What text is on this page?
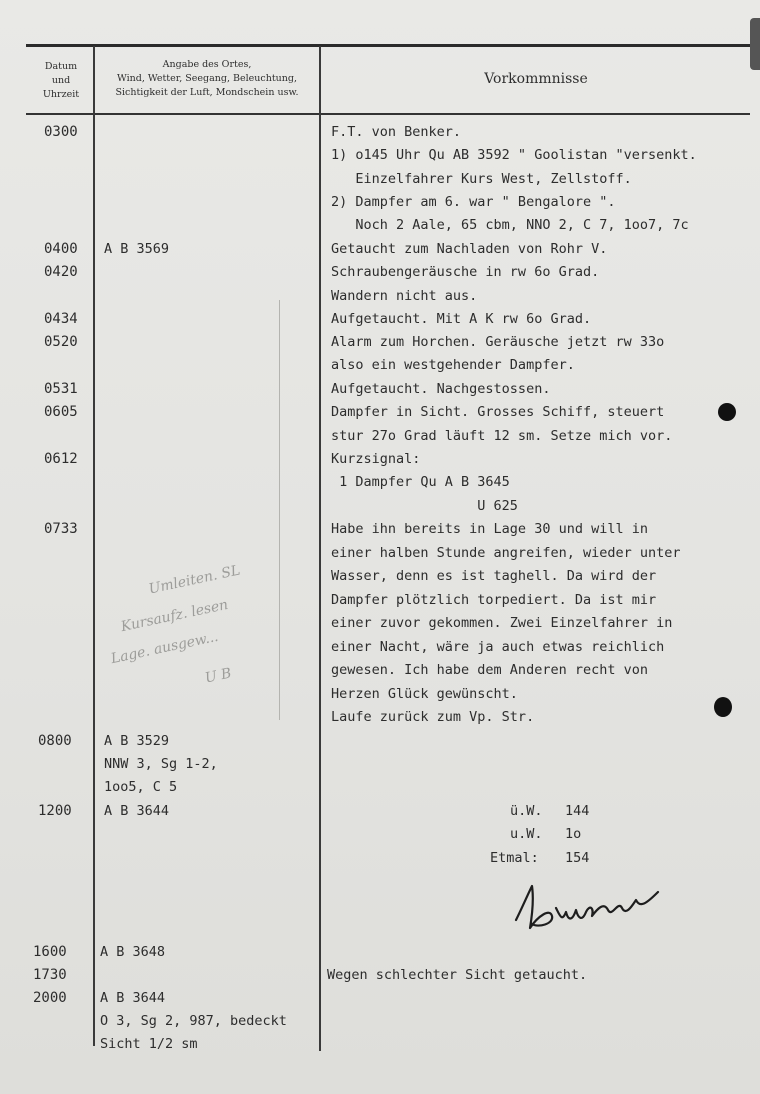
Datum
und
Uhrzeit
Angabe des Ortes,
Wind, Wetter, Seegang, Beleuchtung,
Sichtigkeit der Luft, Mondschein usw.
Vorkommnisse
0300
0400
0420
0434
0520
0531
0605
0612
0733
0800
1200
1600
1730
2000
A B 3569
A B 3529
NNW 3, Sg 1-2,
1oo5, C 5
A B 3644
A B 3648
A B 3644
O 3, Sg 2, 987, bedeckt
Sicht 1/2 sm
F.T. von Benker.
1) o145 Uhr Qu AB 3592 " Goolistan "versenkt.
Einzelfahrer Kurs West, Zellstoff.
2) Dampfer am 6. war " Bengalore ".
Noch 2 Aale, 65 cbm, NNO 2, C 7, 1oo7, 7c
Getaucht zum Nachladen von Rohr V.
Schraubengeräusche in rw 6o Grad.
Wandern nicht aus.
Aufgetaucht. Mit A K rw 6o Grad.
Alarm zum Horchen. Geräusche jetzt rw 33o
also ein westgehender Dampfer.
Aufgetaucht. Nachgestossen.
Dampfer in Sicht. Grosses Schiff, steuert
stur 27o Grad läuft 12 sm. Setze mich vor.
Kurzsignal:
1 Dampfer Qu A B 3645
U 625
Habe ihn bereits in Lage 30 und will in
einer halben Stunde angreifen, wieder unter
Wasser, denn es ist taghell. Da wird der
Dampfer plötzlich torpediert. Da ist mir
einer zuvor gekommen. Zwei Einzelfahrer in
einer Nacht, wäre ja auch etwas reichlich
gewesen. Ich habe dem Anderen recht von
Herzen Glück gewünscht.
Laufe zurück zum Vp. Str.
Wegen schlechter Sicht getaucht.
ü.W. 144
u.W. 1o
Etmal: 154
Umleiten. SL
Kursaufz. lesen
Lage. ausgew...
U B
